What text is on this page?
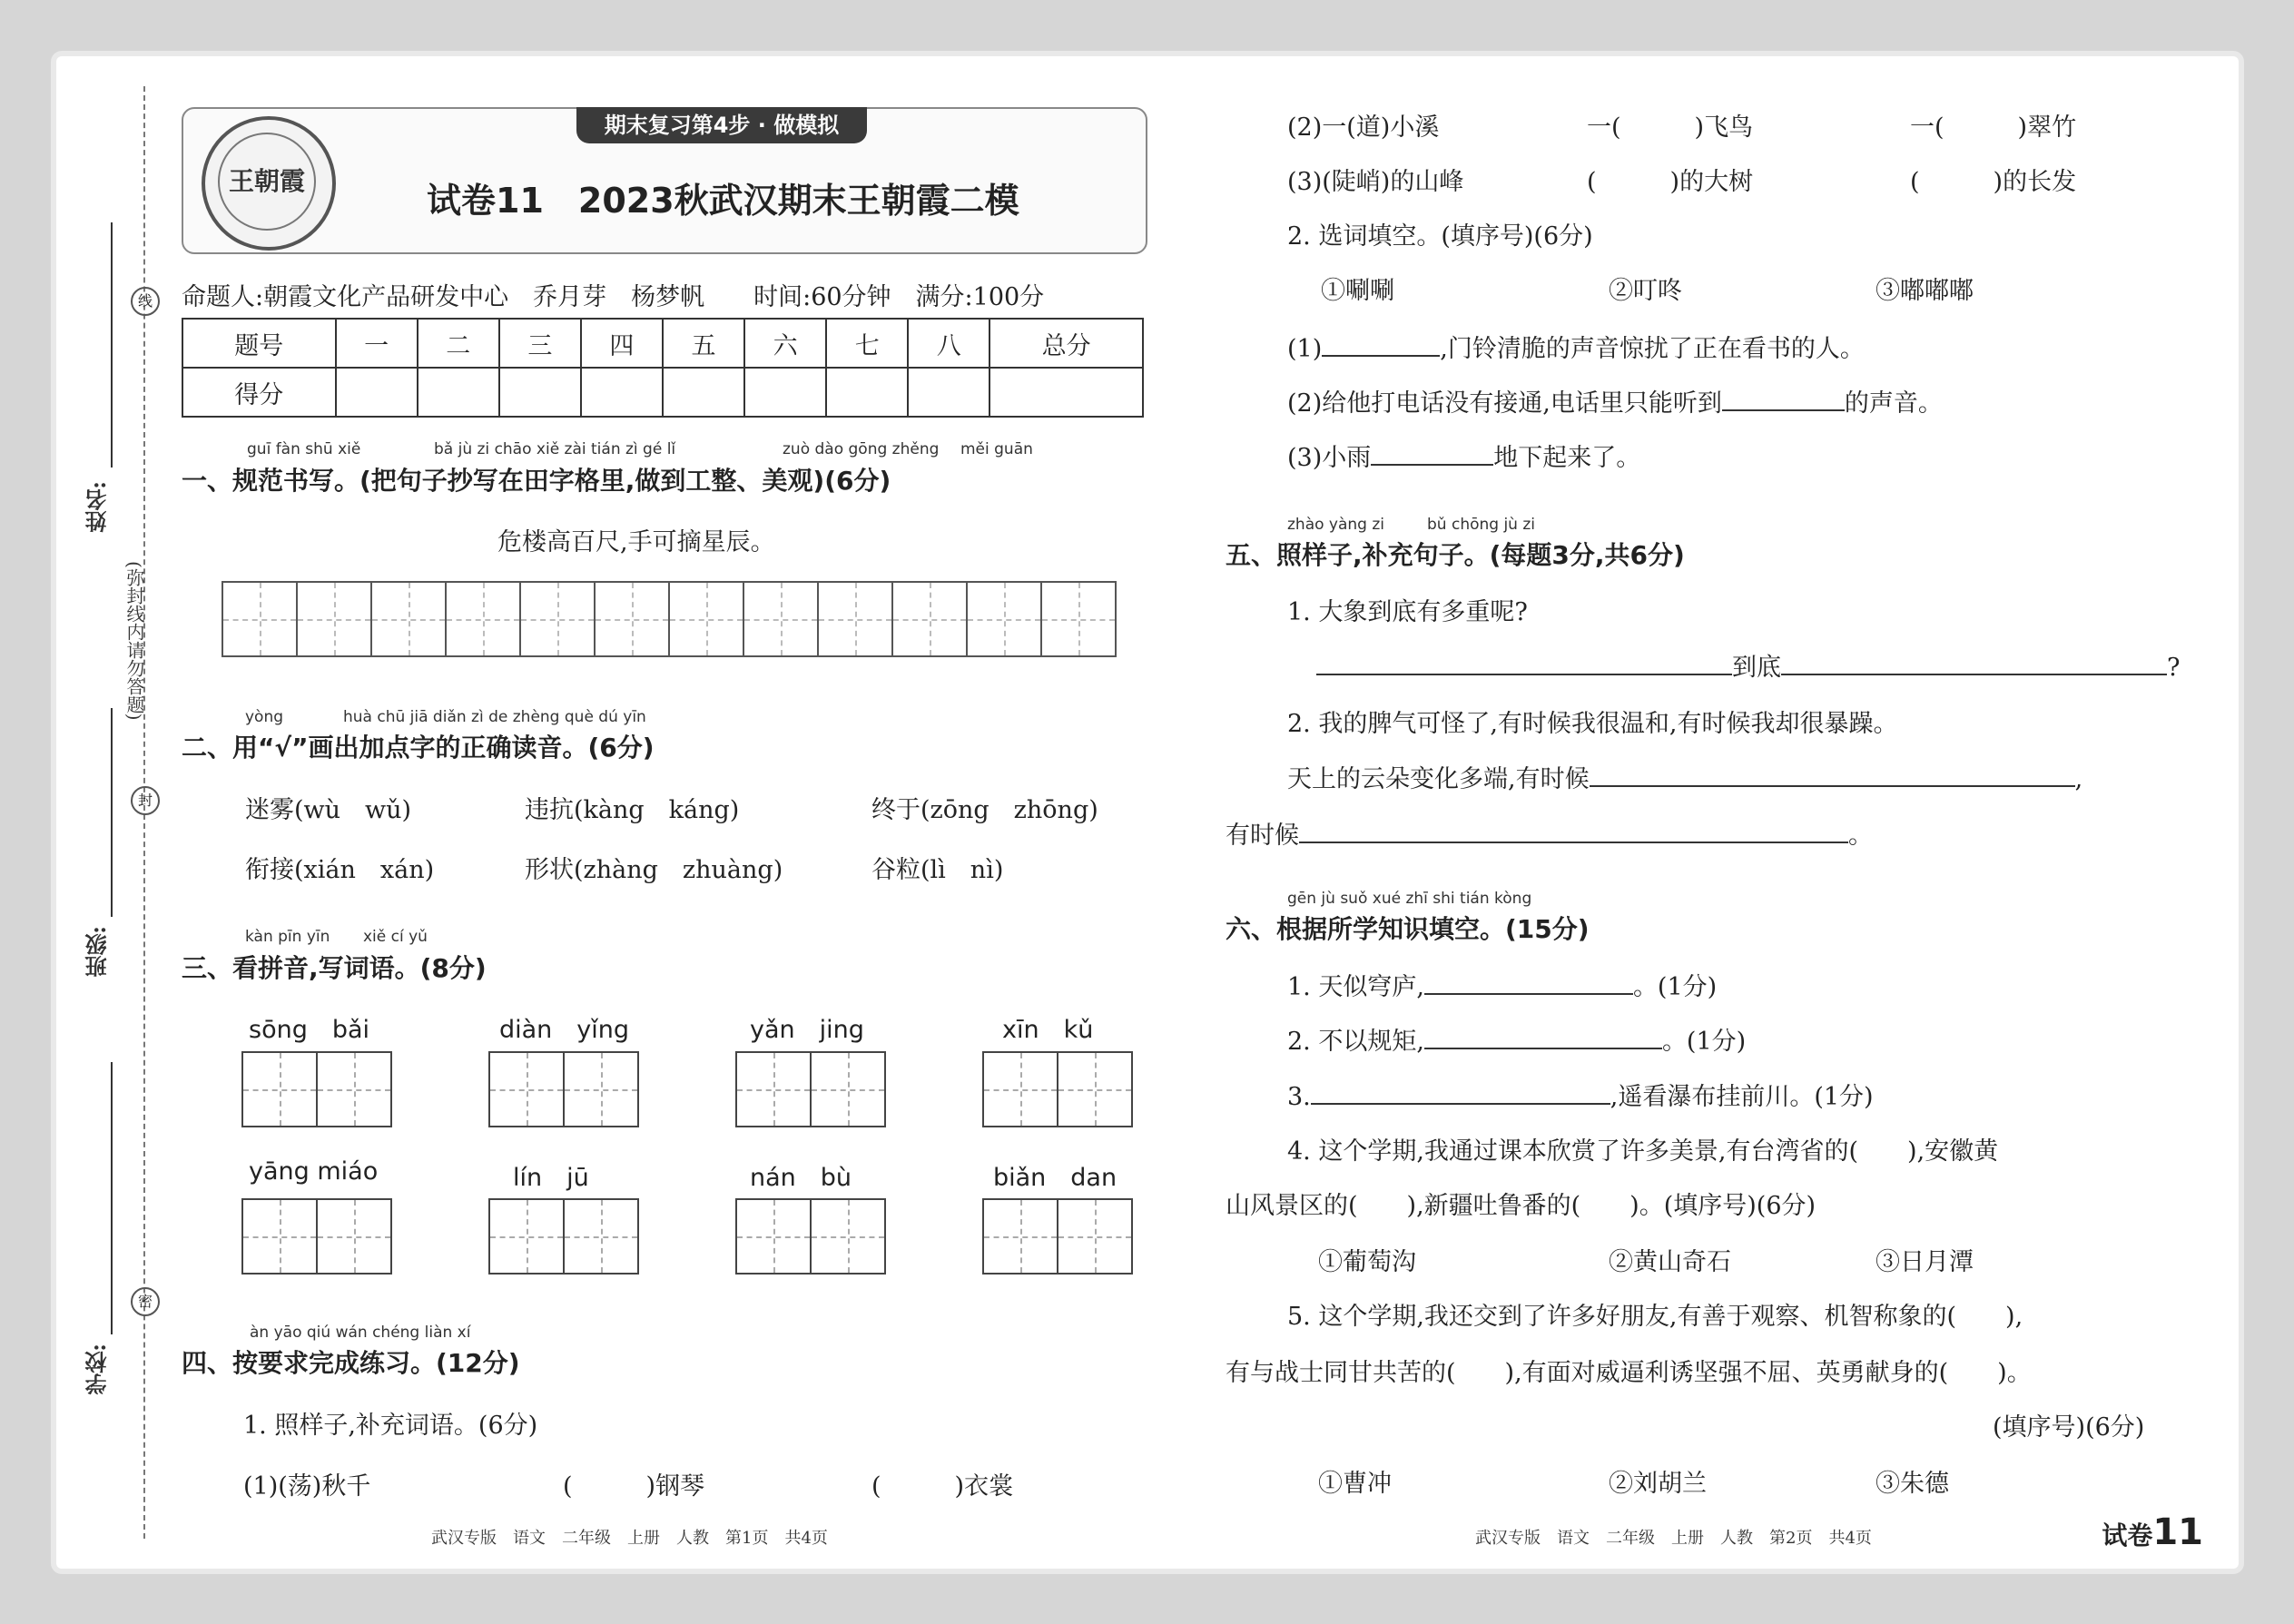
线
封
密
姓名:
班级:
学校:
(弥封线内请勿答题)
期末复习第4步 · 做模拟
王朝霞	试卷11　2023秋武汉期末王朝霞二模
命题人:朝霞文化产品研发中心　乔月芽　杨梦帆　　时间:60分钟　满分:100分
题号	一	二	三	四	五	六	七	八	总分
得分									
guī fàn shū xiě	bǎ jù zi chāo xiě zài tián zì gé lǐ	zuò dào gōng zhěng měi guān
一、规范书写。(把句子抄写在田字格里,做到工整、美观)(6分)
危楼高百尺,手可摘星辰。
yòng	huà chū jiā diǎn zì de zhèng què dú yīn
二、用“√”画出加点字的正确读音。(6分)
迷雾(wù　wǔ)	违抗(kàng　káng)	终于(zōng　zhōng)
衔接(xián　xán)	形状(zhàng　zhuàng)	谷粒(lì　nì)
kàn pīn yīn xiě cí yǔ
三、看拼音,写词语。(8分)
sōng　bǎi	diàn　yǐng	yǎn　jing	xīn　kǔ
yāng miáo	lín　jū	nán　bù	biǎn　dan
àn yāo qiú wán chéng liàn xí
四、按要求完成练习。(12分)
1. 照样子,补充词语。(6分)
(1)(荡)秋千	(　　　)钢琴	(　　　)衣裳
武汉专版　语文　二年级　上册　人教　第1页　共4页
(2)一(道)小溪	一(　　　)飞鸟	一(　　　)翠竹
(3)(陡峭)的山峰	(　　　)的大树	(　　　)的长发
2. 选词填空。(填序号)(6分)
①唰唰	②叮咚	③嘟嘟嘟
(1)	,门铃清脆的声音惊扰了正在看书的人。
(2)给他打电话没有接通,电话里只能听到	的声音。
(3)小雨	地下起来了。
zhào yàng zi	bǔ chōng jù zi
五、照样子,补充句子。(每题3分,共6分)
1. 大象到底有多重呢?
到底	?
2. 我的脾气可怪了,有时候我很温和,有时候我却很暴躁。
天上的云朵变化多端,有时候	,
有时候	。
gēn jù suǒ xué zhī shi tián kòng
六、根据所学知识填空。(15分)
1. 天似穹庐,	。(1分)
2. 不以规矩,	。(1分)
3.	,遥看瀑布挂前川。(1分)
4. 这个学期,我通过课本欣赏了许多美景,有台湾省的(　　),安徽黄
山风景区的(　　),新疆吐鲁番的(　　)。(填序号)(6分)
①葡萄沟	②黄山奇石	③日月潭
5. 这个学期,我还交到了许多好朋友,有善于观察、机智称象的(　　),
有与战士同甘共苦的(　　),有面对威逼利诱坚强不屈、英勇献身的(　　)。
(填序号)(6分)
①曹冲	②刘胡兰	③朱德
武汉专版　语文　二年级　上册　人教　第2页　共4页	试卷11
